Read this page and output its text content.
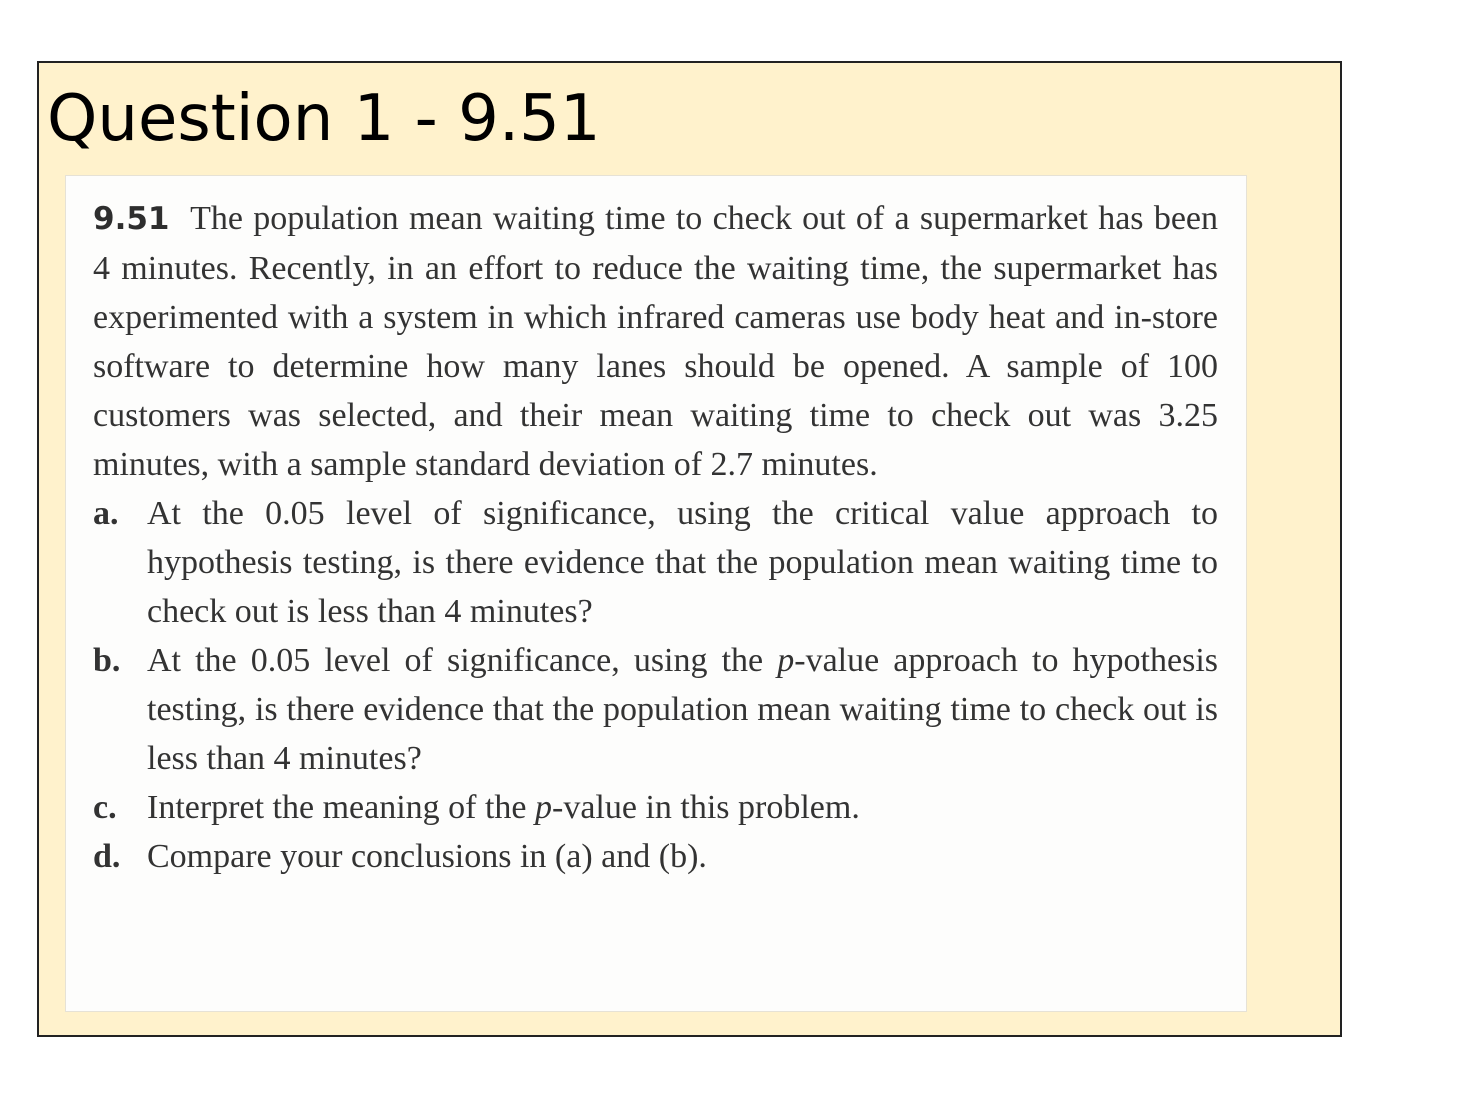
Question 1 - 9.51

9.51 The population mean waiting time to check out of a supermarket has been 4 minutes. Recently, in an effort to reduce the waiting time, the supermarket has experimented with a system in which infrared cameras use body heat and in-store software to determine how many lanes should be opened. A sample of 100 customers was selected, and their mean waiting time to check out was 3.25 minutes, with a sample standard deviation of 2.7 minutes.

a. At the 0.05 level of significance, using the critical value approach to hypothesis testing, is there evidence that the population mean waiting time to check out is less than 4 minutes?

b. At the 0.05 level of significance, using the p-value approach to hypothesis testing, is there evidence that the population mean waiting time to check out is less than 4 minutes?

c. Interpret the meaning of the p-value in this problem.

d. Compare your conclusions in (a) and (b).
